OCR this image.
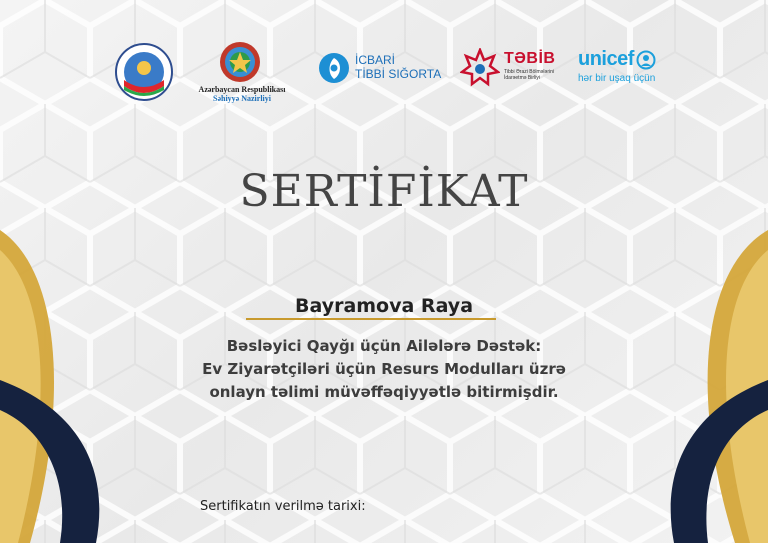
Azərbaycan Respublikası
Səhiyyə Nazirliyi
İCBARİ
TİBBİ SIĞORTA
TƏBİB
Tibbi Ərazi Bölmələrini
İdarəetmə Birliyi
unicef
hər bir uşaq üçün
SERTİFİKAT
Bayramova Raya
Bəsləyici Qayğı üçün Ailələrə Dəstək:
Ev Ziyarətçiləri üçün Resurs Modulları üzrə
onlayn təlimi müvəffəqiyyətlə bitirmişdir.
Sertifikatın verilmə tarixi:
